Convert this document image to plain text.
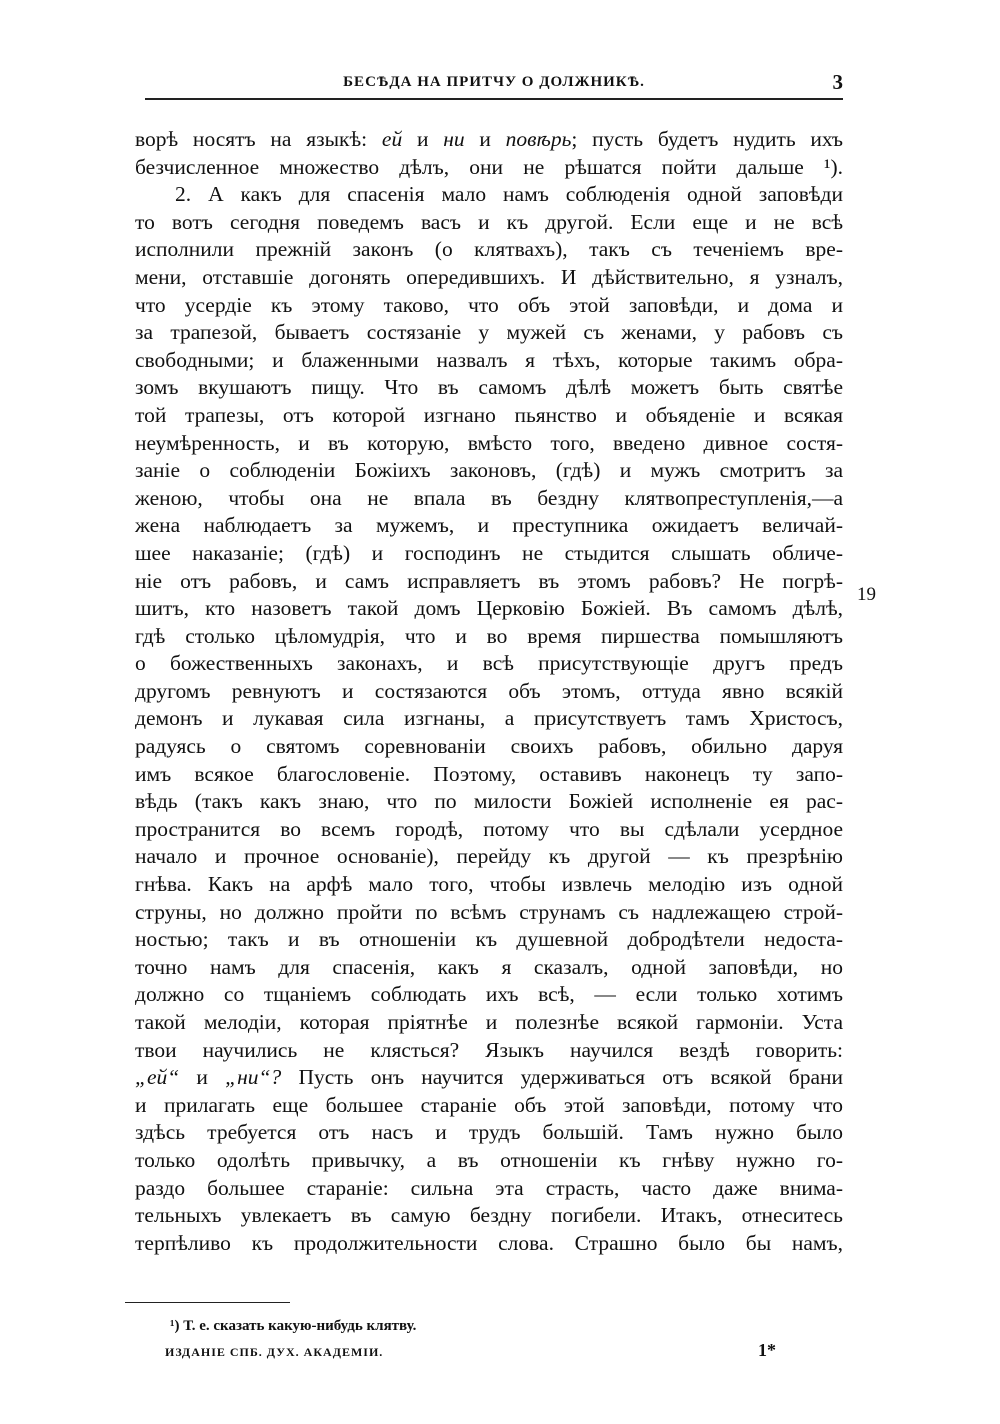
БЕСѢДА НА ПРИТЧУ О ДОЛЖНИКѢ.	3
ворѣ носятъ на языкѣ: ей и ни и повѣрь; пусть будетъ нудить ихъ
безчисленное множество дѣлъ, они не рѣшатся пойти дальше ¹).
2. А какъ для спасенія мало намъ соблюденія одной заповѣди
то вотъ сегодня поведемъ васъ и къ другой. Если еще и не всѣ
исполнили прежній законъ (о клятвахъ), такъ съ теченіемъ вре-
мени, отставшіе догонять опередившихъ. И дѣйствительно, я узналъ,
что усердіе къ этому таково, что объ этой заповѣди, и дома и
за трапезой, бываетъ состязаніе у мужей съ женами, у рабовъ съ
свободными; и блаженными назвалъ я тѣхъ, которые такимъ обра-
зомъ вкушаютъ пищу. Что въ самомъ дѣлѣ можетъ быть святѣе
той трапезы, отъ которой изгнано пьянство и объяденіе и всякая
неумѣренность, и въ которую, вмѣсто того, введено дивное состя-
заніе о соблюденіи Божіихъ законовъ, (гдѣ) и мужъ смотритъ за
женою, чтобы она не впала въ бездну клятвопреступленія,—а
жена наблюдаетъ за мужемъ, и преступника ожидаетъ величай-
шее наказаніе; (гдѣ) и господинъ не стыдится слышать обличе-
ніе отъ рабовъ, и самъ исправляетъ въ этомъ рабовъ? Не погрѣ-
шитъ, кто назоветъ такой домъ Церковію Божіей. Въ самомъ дѣлѣ,
гдѣ столько цѣломудрія, что и во время пиршества помышляютъ
о божественныхъ законахъ, и всѣ присутствующіе другъ предъ
другомъ ревнуютъ и состязаются объ этомъ, оттуда явно всякій
демонъ и лукавая сила изгнаны, а присутствуетъ тамъ Христосъ,
радуясь о святомъ соревнованіи своихъ рабовъ, обильно даруя
имъ всякое благословеніе. Поэтому, оставивъ наконецъ ту запо-
вѣдь (такъ какъ знаю, что по милости Божіей исполненіе ея рас-
пространится во всемъ городѣ, потому что вы сдѣлали усердное
начало и прочное основаніе), перейду къ другой — къ презрѣнію
гнѣва. Какъ на арфѣ мало того, чтобы извлечь мелодію изъ одной
струны, но должно пройти по всѣмъ струнамъ съ надлежащею строй-
ностью; такъ и въ отношеніи къ душевной добродѣтели недоста-
точно намъ для спасенія, какъ я сказалъ, одной заповѣди, но
должно со тщаніемъ соблюдать ихъ всѣ, — если только хотимъ
такой мелодіи, которая пріятнѣе и полезнѣе всякой гармоніи. Уста
твои научились не клясться? Языкъ научился вездѣ говорить:
„ей“ и „ни“? Пусть онъ научится удерживаться отъ всякой брани
и прилагать еще большее стараніе объ этой заповѣди, потому что
здѣсь требуется отъ насъ и трудъ большій. Тамъ нужно было
только одолѣть привычку, а въ отношеніи къ гнѣву нужно го-
раздо большее стараніе: сильна эта страсть, часто даже внима-
тельныхъ увлекаетъ въ самую бездну погибели. Итакъ, отнеситесь
терпѣливо къ продолжительности слова. Страшно было бы намъ,
19
¹) Т. е. сказать какую-нибудь клятву.
ИЗДАНІЕ СПБ. ДУХ. АКАДЕМІИ.	1*
